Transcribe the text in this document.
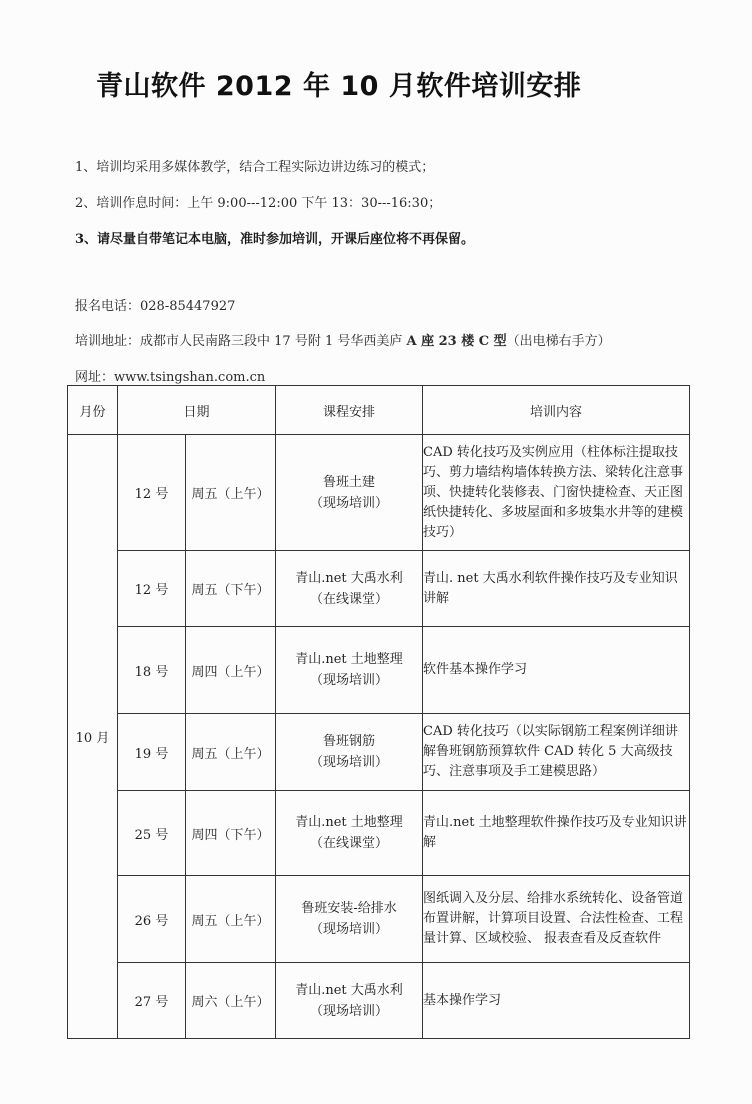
青山软件 2012 年 10 月软件培训安排
1、培训均采用多媒体教学，结合工程实际边讲边练习的模式；
2、培训作息时间：上午 9:00---12:00 下午 13：30---16:30；
3、请尽量自带笔记本电脑，准时参加培训，开课后座位将不再保留。
报名电话：028-85447927
培训地址：成都市人民南路三段中 17 号附 1 号华西美庐 A 座 23 楼 C 型（出电梯右手方）
网址：www.tsingshan.com.cn
月份	日期		课程安排	培训内容
10 月	12 号	周五（上午）	鲁班土建
（现场培训）	CAD 转化技巧及实例应用（柱体标注提取技巧、剪力墙结构墙体转换方法、梁转化注意事项、快捷转化装修表、门窗快捷检查、天正图纸快捷转化、多坡屋面和多坡集水井等的建模技巧）
	12 号	周五（下午）	青山.net 大禹水利
（在线课堂）	青山. net 大禹水利软件操作技巧及专业知识讲解
	18 号	周四（上午）	青山.net 土地整理
（现场培训）	软件基本操作学习
	19 号	周五（上午）	鲁班钢筋
（现场培训）	CAD 转化技巧（以实际钢筋工程案例详细讲解鲁班钢筋预算软件 CAD 转化 5 大高级技巧、注意事项及手工建模思路）
	25 号	周四（下午）	青山.net 土地整理
（在线课堂）	青山.net 土地整理软件操作技巧及专业知识讲解
	26 号	周五（上午）	鲁班安装-给排水
（现场培训）	图纸调入及分层、给排水系统转化、设备管道布置讲解，计算项目设置、合法性检查、工程量计算、区域校验、 报表查看及反查软件
	27 号	周六（上午）	青山.net 大禹水利
（现场培训）	基本操作学习
